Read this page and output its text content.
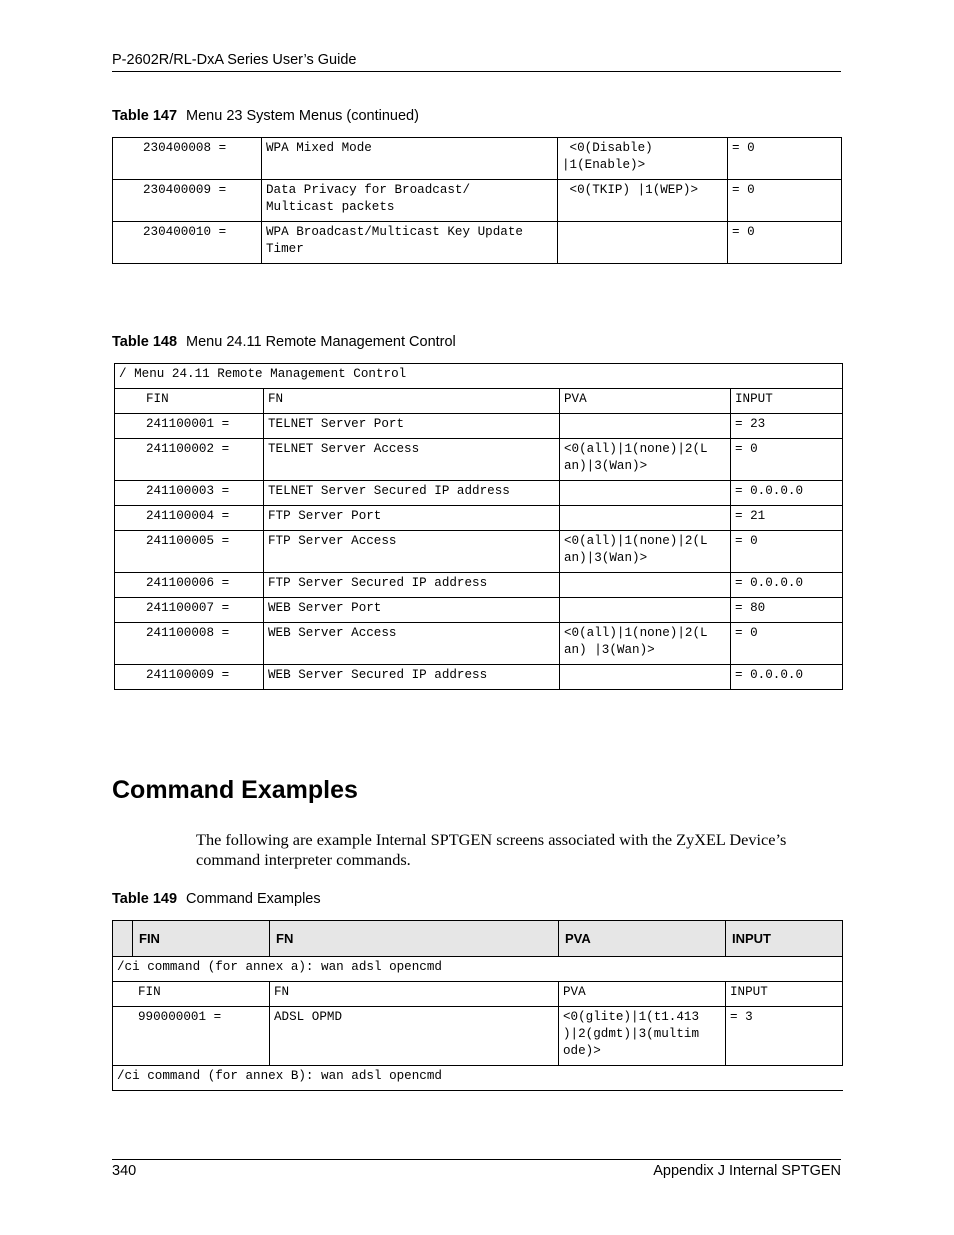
P-2602R/RL-DxA Series User’s Guide
Table 147 Menu 23 System Menus (continued)
230400008 =	WPA Mixed Mode	<0(Disable)
|1(Enable)>	= 0
230400009 =	Data Privacy for Broadcast/
Multicast packets	<0(TKIP) |1(WEP)>	= 0
230400010 =	WPA Broadcast/Multicast Key Update
Timer		= 0
Table 148 Menu 24.11 Remote Management Control
/ Menu 24.11 Remote Management Control			
FIN	FN	PVA	INPUT
241100001 =	TELNET Server Port		= 23
241100002 =	TELNET Server Access	<0(all)|1(none)|2(L
an)|3(Wan)>	= 0
241100003 =	TELNET Server Secured IP address		= 0.0.0.0
241100004 =	FTP Server Port		= 21
241100005 =	FTP Server Access	<0(all)|1(none)|2(L
an)|3(Wan)>	= 0
241100006 =	FTP Server Secured IP address		= 0.0.0.0
241100007 =	WEB Server Port		= 80
241100008 =	WEB Server Access	<0(all)|1(none)|2(L
an) |3(Wan)>	= 0
241100009 =	WEB Server Secured IP address		= 0.0.0.0
Command Examples
The following are example Internal SPTGEN screens associated with the ZyXEL Device’s command interpreter commands.
Table 149 Command Examples
	FIN	FN	PVA	INPUT
/ci command (for annex a): wan adsl opencmd				
FIN		FN	PVA	INPUT
990000001 =		ADSL OPMD	<0(glite)|1(t1.413
)|2(gdmt)|3(multim
ode)>	= 3
/ci command (for annex B): wan adsl opencmd				
340	Appendix J Internal SPTGEN
